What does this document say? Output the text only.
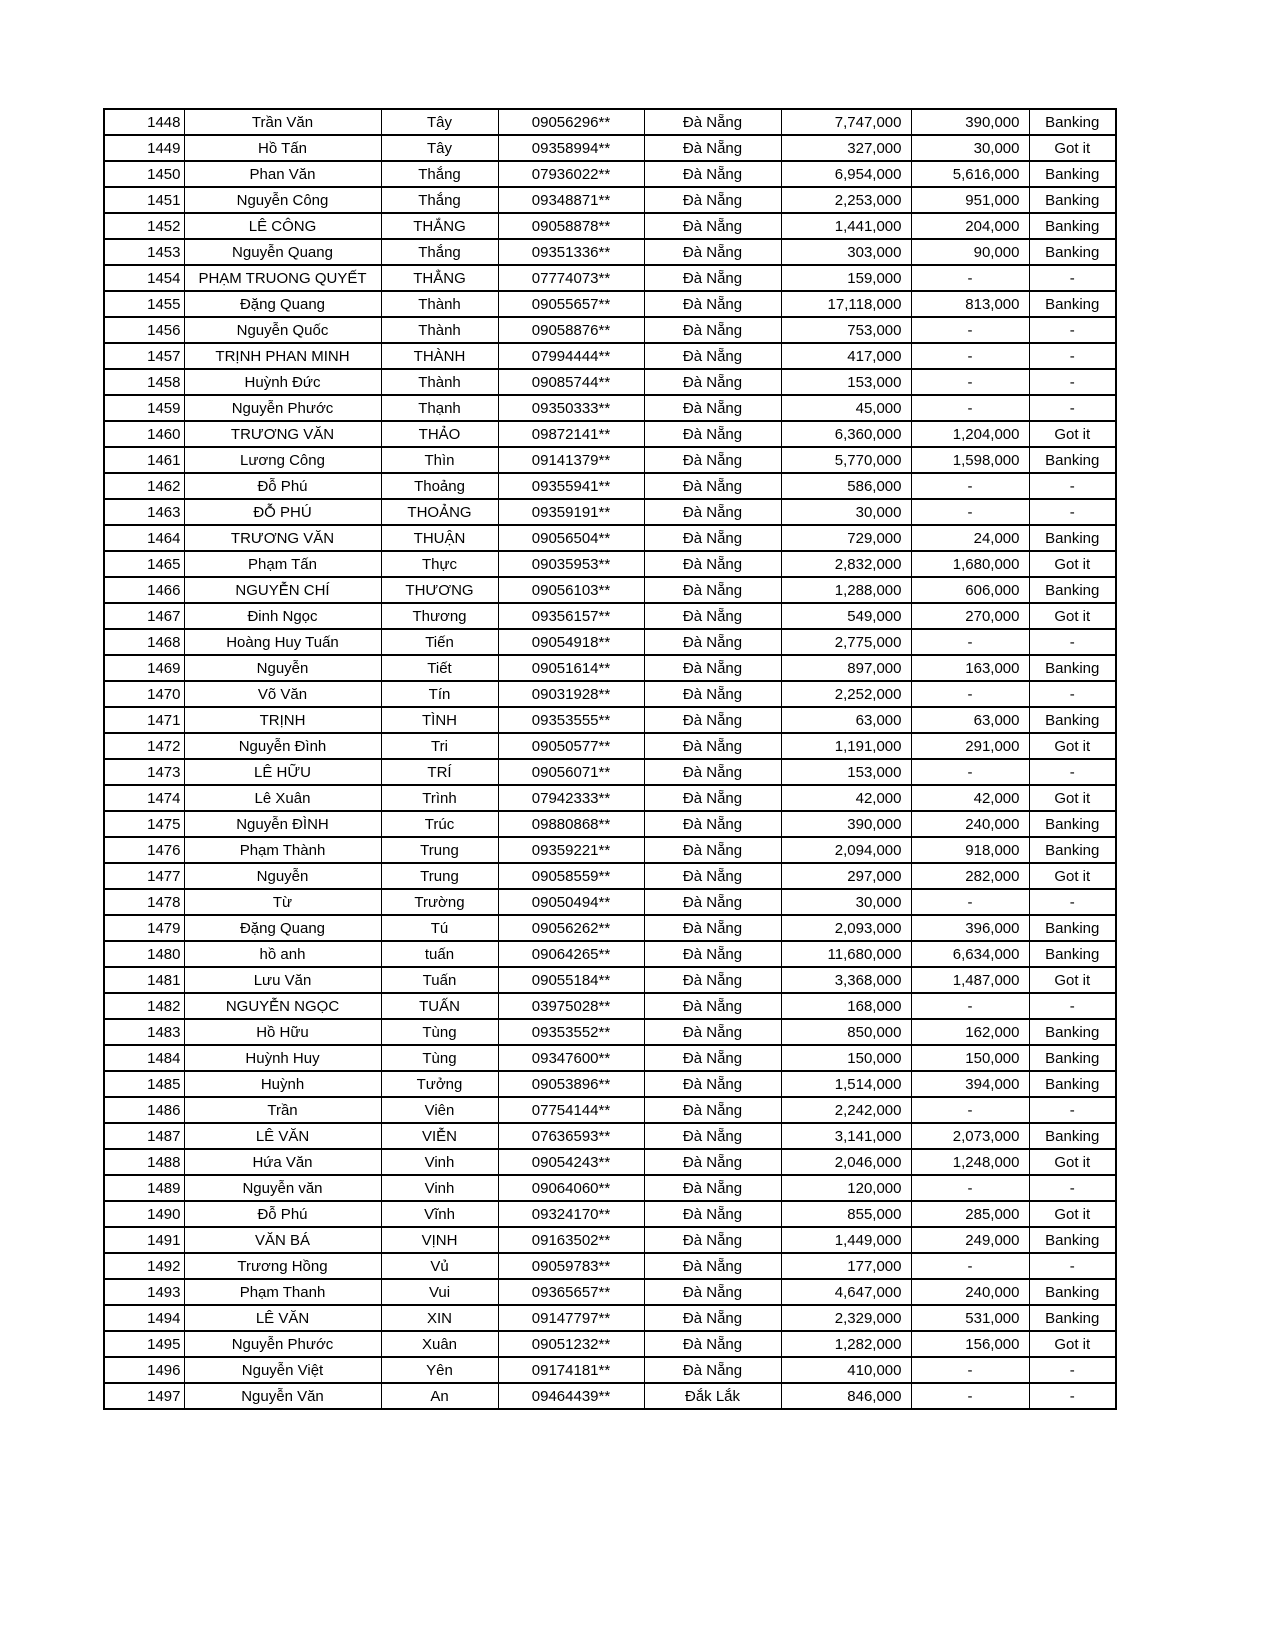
1448	Trần Văn	Tây	09056296**	Đà Nẵng	7,747,000	390,000	Banking
1449	Hồ Tấn	Tây	09358994**	Đà Nẵng	327,000	30,000	Got it
1450	Phan Văn	Thắng	07936022**	Đà Nẵng	6,954,000	5,616,000	Banking
1451	Nguyễn Công	Thắng	09348871**	Đà Nẵng	2,253,000	951,000	Banking
1452	LÊ CÔNG	THẮNG	09058878**	Đà Nẵng	1,441,000	204,000	Banking
1453	Nguyễn Quang	Thắng	09351336**	Đà Nẵng	303,000	90,000	Banking
1454	PHẠM TRUONG QUYẾT	THẲNG	07774073**	Đà Nẵng	159,000	-	-
1455	Đặng Quang	Thành	09055657**	Đà Nẵng	17,118,000	813,000	Banking
1456	Nguyễn Quốc	Thành	09058876**	Đà Nẵng	753,000	-	-
1457	TRỊNH PHAN MINH	THÀNH	07994444**	Đà Nẵng	417,000	-	-
1458	Huỳnh Đức	Thành	09085744**	Đà Nẵng	153,000	-	-
1459	Nguyễn Phước	Thạnh	09350333**	Đà Nẵng	45,000	-	-
1460	TRƯƠNG VĂN	THẢO	09872141**	Đà Nẵng	6,360,000	1,204,000	Got it
1461	Lương Công	Thìn	09141379**	Đà Nẵng	5,770,000	1,598,000	Banking
1462	Đỗ Phú	Thoảng	09355941**	Đà Nẵng	586,000	-	-
1463	ĐỖ PHÚ	THOẢNG	09359191**	Đà Nẵng	30,000	-	-
1464	TRƯƠNG VĂN	THUẬN	09056504**	Đà Nẵng	729,000	24,000	Banking
1465	Phạm Tấn	Thực	09035953**	Đà Nẵng	2,832,000	1,680,000	Got it
1466	NGUYỄN CHÍ	THƯƠNG	09056103**	Đà Nẵng	1,288,000	606,000	Banking
1467	Đinh Ngọc	Thương	09356157**	Đà Nẵng	549,000	270,000	Got it
1468	Hoàng Huy Tuấn	Tiến	09054918**	Đà Nẵng	2,775,000	-	-
1469	Nguyễn	Tiết	09051614**	Đà Nẵng	897,000	163,000	Banking
1470	Võ Văn	Tín	09031928**	Đà Nẵng	2,252,000	-	-
1471	TRỊNH	TÌNH	09353555**	Đà Nẵng	63,000	63,000	Banking
1472	Nguyễn Đình	Tri	09050577**	Đà Nẵng	1,191,000	291,000	Got it
1473	LÊ HỮU	TRÍ	09056071**	Đà Nẵng	153,000	-	-
1474	Lê Xuân	Trình	07942333**	Đà Nẵng	42,000	42,000	Got it
1475	Nguyễn ĐÌNH	Trúc	09880868**	Đà Nẵng	390,000	240,000	Banking
1476	Phạm Thành	Trung	09359221**	Đà Nẵng	2,094,000	918,000	Banking
1477	Nguyễn	Trung	09058559**	Đà Nẵng	297,000	282,000	Got it
1478	Từ	Trường	09050494**	Đà Nẵng	30,000	-	-
1479	Đặng Quang	Tú	09056262**	Đà Nẵng	2,093,000	396,000	Banking
1480	hồ anh	tuấn	09064265**	Đà Nẵng	11,680,000	6,634,000	Banking
1481	Lưu Văn	Tuấn	09055184**	Đà Nẵng	3,368,000	1,487,000	Got it
1482	NGUYỄN NGỌC	TUẤN	03975028**	Đà Nẵng	168,000	-	-
1483	Hồ Hữu	Tùng	09353552**	Đà Nẵng	850,000	162,000	Banking
1484	Huỳnh Huy	Tùng	09347600**	Đà Nẵng	150,000	150,000	Banking
1485	Huỳnh	Tưởng	09053896**	Đà Nẵng	1,514,000	394,000	Banking
1486	Trần	Viên	07754144**	Đà Nẵng	2,242,000	-	-
1487	LÊ VĂN	VIỄN	07636593**	Đà Nẵng	3,141,000	2,073,000	Banking
1488	Hứa Văn	Vinh	09054243**	Đà Nẵng	2,046,000	1,248,000	Got it
1489	Nguyễn văn	Vinh	09064060**	Đà Nẵng	120,000	-	-
1490	Đỗ Phú	Vĩnh	09324170**	Đà Nẵng	855,000	285,000	Got it
1491	VĂN BÁ	VỊNH	09163502**	Đà Nẵng	1,449,000	249,000	Banking
1492	Trương Hồng	Vủ	09059783**	Đà Nẵng	177,000	-	-
1493	Phạm Thanh	Vui	09365657**	Đà Nẵng	4,647,000	240,000	Banking
1494	LÊ VĂN	XIN	09147797**	Đà Nẵng	2,329,000	531,000	Banking
1495	Nguyễn Phước	Xuân	09051232**	Đà Nẵng	1,282,000	156,000	Got it
1496	Nguyễn Việt	Yên	09174181**	Đà Nẵng	410,000	-	-
1497	Nguyễn Văn	An	09464439**	Đắk Lắk	846,000	-	-
